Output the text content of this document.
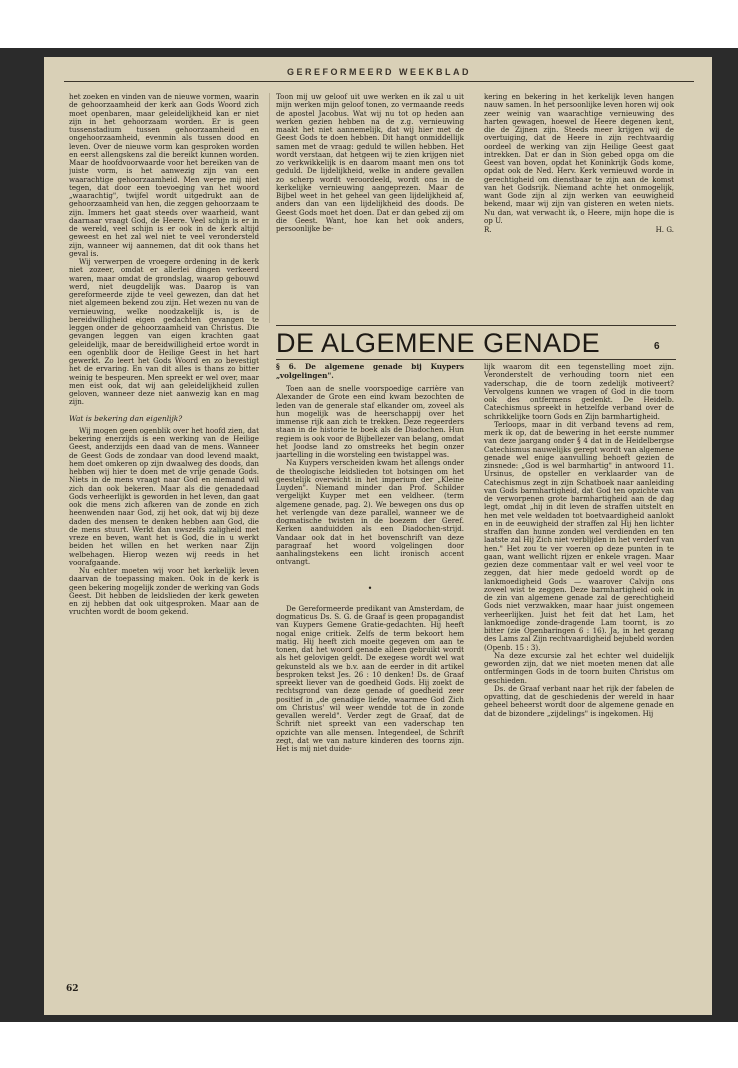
GEREFORMEERD WEEKBLAD

het zoeken en vinden van de nieuwe vormen, waarin de gehoorzaamheid der kerk aan Gods Woord zich moet openbaren, maar geleidelijkheid kan er niet zijn in het gehoorzaam worden. Er is geen tussenstadium tussen gehoorzaamheid en ongehoorzaamheid, evenmin als tussen dood en leven. Over de nieuwe vorm kan gesproken worden en eerst allengskens zal die bereikt kunnen worden. Maar de hoofdvoorwaarde voor het bereiken van de juiste vorm, is het aanwezig zijn van een waarachtige gehoorzaamheid. Men werpe mij niet tegen, dat door een toevoeging van het woord „waarachtig", twijfel wordt uitgedrukt aan de gehoorzaamheid van hen, die zeggen gehoorzaam te zijn. Immers het gaat steeds over waarheid, want daarnaar vraagt God, de Heere. Veel schijn is er in de wereld, veel schijn is er ook in de kerk altijd geweest en het zal wel niet te veel verondersteld zijn, wanneer wij aannemen, dat dit ook thans het geval is.

Wij verwerpen de vroegere ordening in de kerk niet zozeer, omdat er allerlei dingen verkeerd waren, maar omdat de grondslag, waarop gebouwd werd, niet deugdelijk was. Daarop is van gereformeerde zijde te veel gewezen, dan dat het niet algemeen bekend zou zijn. Het wezen nu van de vernieuwing, welke noodzakelijk is, is de bereidwilligheid eigen gedachten gevangen te leggen onder de gehoorzaamheid van Christus. Die gevangen leggen van eigen krachten gaat geleidelijk, maar de bereidwilligheid ertoe wordt in een ogenblik door de Heilige Geest in het hart gewerkt. Zo leert het Gods Woord en zo bevestigt het de ervaring. En van dit alles is thans zo bitter weinig te bespeuren. Men spreekt er wel over, maar men eist ook, dat wij aan geleidelijkheid zullen geloven, wanneer deze niet aanwezig kan en mag zijn.

Wat is bekering dan eigenlijk?

Wij mogen geen ogenblik over het hoofd zien, dat bekering enerzijds is een werking van de Heilige Geest, anderzijds een daad van de mens. Wanneer de Geest Gods de zondaar van dood levend maakt, hem doet omkeren op zijn dwaalweg des doods, dan hebben wij hier te doen met de vrije genade Gods. Niets in de mens vraagt naar God en niemand wil zich dan ook bekeren. Maar als die genadedaad Gods verheerlijkt is geworden in het leven, dan gaat ook die mens zich afkeren van de zonde en zich heenwenden naar God, zij het ook, dat wij bij deze daden des mensen te denken hebben aan God, die de mens stuurt. Werkt dan uwszelfs zaligheid met vreze en beven, want het is God, die in u werkt beiden het willen en het werken naar Zijn welbehagen. Hierop wezen wij reeds in het voorafgaande.

Nu echter moeten wij voor het kerkelijk leven daarvan de toepassing maken. Ook in de kerk is geen bekering mogelijk zonder de werking van Gods Geest. Dit hebben de leidslieden der kerk geweten en zij hebben dat ook uitgesproken. Maar aan de vruchten wordt de boom gekend.

Toon mij uw geloof uit uwe werken en ik zal u uit mijn werken mijn geloof tonen, zo vermaande reeds de apostel Jacobus. Wat wij nu tot op heden aan werken gezien hebben na de z.g. vernieuwing maakt het niet aannemelijk, dat wij hier met de Geest Gods te doen hebben. Dit hangt onmiddellijk samen met de vraag: geduld te willen hebben. Het wordt verstaan, dat hetgeen wij te zien krijgen niet zo verkwikkelijk is en daarom maant men ons tot geduld. De lijdelijkheid, welke in andere gevallen zo scherp wordt veroordeeld, wordt ons in de kerkelijke vernieuwing aangeprezen. Maar de Bijbel weet in het geheel van geen lijdelijkheid af, anders dan van een lijdelijkheid des doods. De Geest Gods moet het doen. Dat er dan gebed zij om die Geest. Want, hoe kan het ook anders, persoonlijke be-

kering en bekering in het kerkelijk leven hangen nauw samen. In het persoonlijke leven horen wij ook zeer weinig van waarachtige vernieuwing des harten gewagen, hoewel de Heere degenen kent, die de Zijnen zijn. Steeds meer krijgen wij de overtuiging, dat de Heere in zijn rechtvaardig oordeel de werking van zijn Heilige Geest gaat intrekken. Dat er dan in Sion gebed opga om die Geest van boven, opdat het Koninkrijk Gods kome, opdat ook de Ned. Herv. Kerk vernieuwd worde in gerechtigheid om dienstbaar te zijn aan de komst van het Godsrijk. Niemand achte het onmogelijk, want Gode zijn al zijn werken van eeuwigheid bekend, maar wij zijn van gisteren en weten niets. Nu dan, wat verwacht ik, o Heere, mijn hope die is op U.

R.	H. G.
DE ALGEMENE GENADE	6
§ 6. De algemene genade bij Kuypers „volgelingen".

Toen aan de snelle voorspoedige carrière van Alexander de Grote een eind kwam bezochten de leden van de generale staf elkander om, zoveel als hun mogelijk was de heerschappij over het immense rijk aan zich te trekken. Deze regeerders staan in de historie te boek als de Diadochen. Hun regiem is ook voor de Bijbellezer van belang, omdat het Joodse land zo omstreeks het begin onzer jaartelling in die worsteling een twistappel was.

Na Kuypers verscheiden kwam het allengs onder de theologische leidslieden tot botsingen om het geestelijk overwicht in het imperium der „Kleine Luyden". Niemand minder dan Prof. Schilder vergelijkt Kuyper met een veldheer. (term algemene genade, pag. 2). We bewegen ons dus op het verlengde van deze parallel, wanneer we de dogmatische twisten in de boezem der Geref. Kerken aanduidden als een Diadochen-strijd. Vandaar ook dat in het bovenschrift van deze paragraaf het woord volgelingen door aanhalingstekens een licht ironisch accent ontvangt.

•

De Gereformeerde predikant van Amsterdam, de dogmaticus Ds. S. G. de Graaf is geen propagandist van Kuypers Gemene Gratie-gedachten. Hij heeft nogal enige critiek. Zelfs de term bekoort hem matig. Hij heeft zich moeite gegeven om aan te tonen, dat het woord genade alleen gebruikt wordt als het gelovigen geldt. De exegese wordt wel wat gekunsteld als we b.v. aan de eerder in dit artikel besproken tekst Jes. 26 : 10 denken! Ds. de Graaf spreekt liever van de goedheid Gods. Hij zoekt de rechtsgrond van deze genade of goedheid zeer positief in „de genadige liefde, waarmee God Zich om Christus' wil weer wendde tot de in zonde gevallen wereld". Verder zegt de Graaf, dat de Schrift niet spreekt van een vaderschap ten opzichte van alle mensen. Integendeel, de Schrift zegt, dat we van nature kinderen des toorns zijn. Het is mij niet duide-

lijk waarom dit een tegenstelling moet zijn. Veronderstelt de verhouding toorn niet een vaderschap, die de toorn zedelijk motiveert? Vervolgens kunnen we vragen of God in die toorn ook des ontfermens gedenkt. De Heidelb. Catechismus spreekt in hetzelfde verband over de schrikkelijke toorn Gods en Zijn barmhartigheid.

Terloops, maar in dit verband tevens ad rem, merk ik op, dat de bewering in het eerste nummer van deze jaargang onder § 4 dat in de Heidelbergse Catechismus nauwelijks gerept wordt van algemene genade wel enige aanvulling behoeft gezien de zinsnede: „God is wel barmhartig" in antwoord 11. Ursinus, de opsteller en verklaarder van de Catechismus zegt in zijn Schatboek naar aanleiding van Gods barmhartigheid, dat God ten opzichte van de verworpenen grote barmhartigheid aan de dag legt, omdat „hij in dit leven de straffen uitstelt en hen met vele weldaden tot boetvaardigheid aanlokt en in de eeuwigheid der straffen zal Hij hen lichter straffen dan hunne zonden wel verdienden en ten laatste zal Hij Zich niet verblijden in het verderf van hen." Het zou te ver voeren op deze punten in te gaan, want wellicht rijzen er enkele vragen. Maar gezien deze commentaar valt er wel veel voor te zeggen, dat hier mede gedoeld wordt op de lankmoedigheid Gods — waarover Calvijn ons zoveel wist te zeggen. Deze barmhartigheid ook in de zin van algemene genade zal de gerechtigheid Gods niet verzwakken, maar haar juist ongemeen verheerlijken. Juist het feit dat het Lam, het lankmoedige zonde-dragende Lam toornt, is zo bitter (zie Openbaringen 6 : 16). Ja, in het gezang des Lams zal Zijn rechtvaardigheid bejubeld worden (Openb. 15 : 3).

Na deze excursie zal het echter wel duidelijk geworden zijn, dat we niet moeten menen dat alle ontfermingen Gods in de toorn buiten Christus om geschieden.

Ds. de Graaf verbant naar het rijk der fabelen de opvatting, dat de geschiedenis der wereld in haar geheel beheerst wordt door de algemene genade en dat de bizondere „zijdelings" is ingekomen. Hij

62
